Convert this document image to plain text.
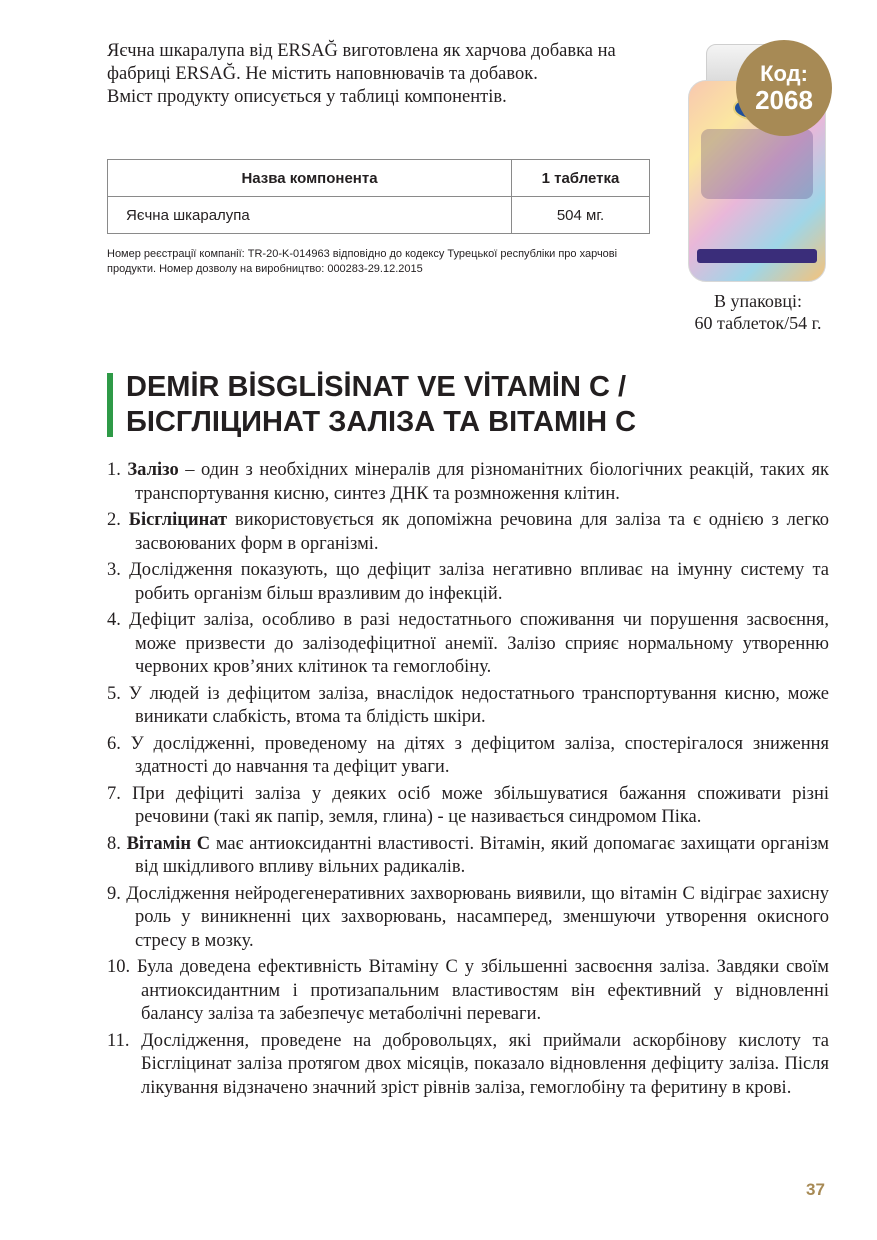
Яєчна шкаралупа від ERSAĞ виготовлена як харчова добавка на фабриці ERSAĞ. Не містить наповнювачів та добавок.

Вміст продукту описується у таблиці компонентів.

Назва компонента	1 таблетка
Яєчна шкаралупа	504 мг.
Номер реєстрації компанії: TR-20-K-014963 відповідно до кодексу Турецької республіки про харчові продукти. Номер дозволу на виробництво: 000283-29.12.2015
Код:
2068
В упаковці:
60 таблеток/54 г.
DEMİR BİSGLİSİNAT VE VİTAMİN C /
БІСГЛІЦИНАТ ЗАЛІЗА ТА ВІТАМІН С
1. Залізо – один з необхідних мінералів для різноманітних біологічних реакцій, таких як транспортування кисню, синтез ДНК та розмноження клітин.
2. Бісгліцинат використовується як допоміжна речовина для заліза та є однією з легко засвоюваних форм в організмі.
3. Дослідження показують, що дефіцит заліза негативно впливає на імунну систему та робить організм більш вразливим до інфекцій.
4. Дефіцит заліза, особливо в разі недостатнього споживання чи порушення засвоєння, може призвести до залізодефіцитної анемії. Залізо сприяє нормальному утворенню червоних кров’яних клітинок та гемоглобіну.
5. У людей із дефіцитом заліза, внаслідок недостатнього транспортування кисню, може виникати слабкість, втома та блідість шкіри.
6. У дослідженні, проведеному на дітях з дефіцитом заліза, спостерігалося зниження здатності до навчання та дефіцит уваги.
7. При дефіциті заліза у деяких осіб може збільшуватися бажання споживати різні речовини (такі як папір, земля, глина) - це називається синдромом Піка.
8. Вітамін С має антиоксидантні властивості. Вітамін, який допомагає захищати організм від шкідливого впливу вільних радикалів.
9. Дослідження нейродегенеративних захворювань виявили, що вітамін С відіграє захисну роль у виникненні цих захворювань, насамперед, зменшуючи утворення окисного стресу в мозку.
10. Була доведена ефективність Вітаміну С у збільшенні засвоєння заліза. Завдяки своїм антиоксидантним і протизапальним властивостям він ефективний у відновленні балансу заліза та забезпечує метаболічні переваги.
11. Дослідження, проведене на добровольцях, які приймали аскорбінову кислоту та Бісгліцинат заліза протягом двох місяців, показало відновлення дефіциту заліза. Після лікування відзначено значний зріст рівнів заліза, гемоглобіну та феритину в крові.
37
